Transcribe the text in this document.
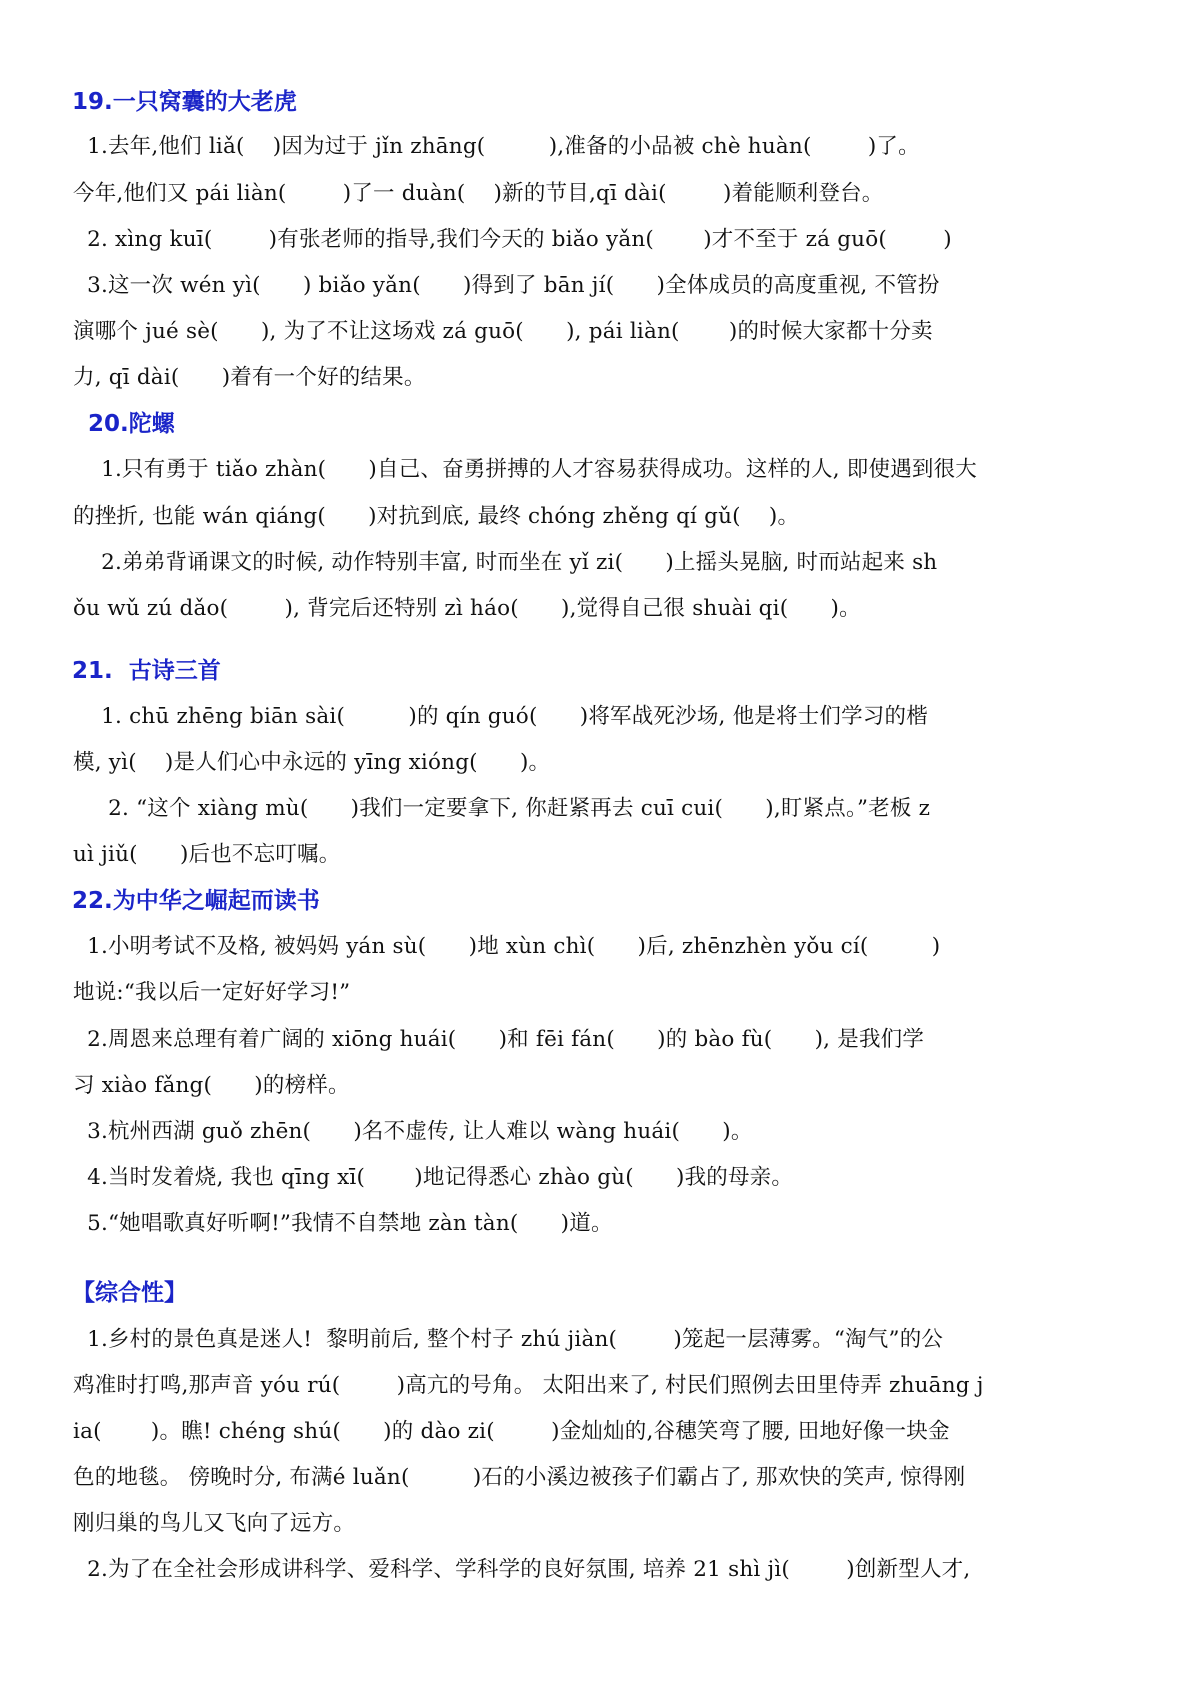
19.一只窝囊的大老虎
1.去年,他们 liǎ(    )因为过于 jǐn zhāng(         ),准备的小品被 chè huàn(        )了。
今年,他们又 pái liàn(        )了一 duàn(    )新的节目,qī dài(        )着能顺利登台。
2. xìng kuī(        )有张老师的指导,我们今天的 biǎo yǎn(       )才不至于 zá guō(        )
3.这一次 wén yì(      ) biǎo yǎn(      )得到了 bān jí(      )全体成员的高度重视, 不管扮
演哪个 jué sè(      ), 为了不让这场戏 zá guō(      ), pái liàn(       )的时候大家都十分卖
力, qī dài(      )着有一个好的结果。
20.陀螺
1.只有勇于 tiǎo zhàn(      )自己、奋勇拼搏的人才容易获得成功。这样的人, 即使遇到很大
的挫折, 也能 wán qiáng(      )对抗到底, 最终 chóng zhěng qí gǔ(    )。
2.弟弟背诵课文的时候, 动作特别丰富, 时而坐在 yǐ zi(      )上摇头晃脑, 时而站起来 sh
ǒu wǔ zú dǎo(        ), 背完后还特别 zì háo(      ),觉得自己很 shuài qi(      )。
21.  古诗三首
1. chū zhēng biān sài(         )的 qín guó(      )将军战死沙场, 他是将士们学习的楷
模, yì(    )是人们心中永远的 yīng xióng(      )。
2. “这个 xiàng mù(      )我们一定要拿下, 你赶紧再去 cuī cui(      ),盯紧点。”老板 z
uì jiǔ(      )后也不忘叮嘱。
22.为中华之崛起而读书
1.小明考试不及格, 被妈妈 yán sù(      )地 xùn chì(      )后, zhēnzhèn yǒu cí(         )
地说:“我以后一定好好学习!”
2.周恩来总理有着广阔的 xiōng huái(      )和 fēi fán(      )的 bào fù(      ), 是我们学
习 xiào fǎng(      )的榜样。
3.杭州西湖 guǒ zhēn(      )名不虚传, 让人难以 wàng huái(      )。
4.当时发着烧, 我也 qīng xī(       )地记得悉心 zhào gù(      )我的母亲。
5.“她唱歌真好听啊!”我情不自禁地 zàn tàn(      )道。
【综合性】
1.乡村的景色真是迷人!  黎明前后, 整个村子 zhú jiàn(        )笼起一层薄雾。“淘气”的公
鸡准时打鸣,那声音 yóu rú(        )高亢的号角。 太阳出来了, 村民们照例去田里侍弄 zhuāng j
ia(       )。瞧! chéng shú(      )的 dào zi(        )金灿灿的,谷穗笑弯了腰, 田地好像一块金
色的地毯。 傍晚时分, 布满é luǎn(         )石的小溪边被孩子们霸占了, 那欢快的笑声, 惊得刚
刚归巢的鸟儿又飞向了远方。
2.为了在全社会形成讲科学、爱科学、学科学的良好氛围, 培养 21 shì jì(        )创新型人才,
